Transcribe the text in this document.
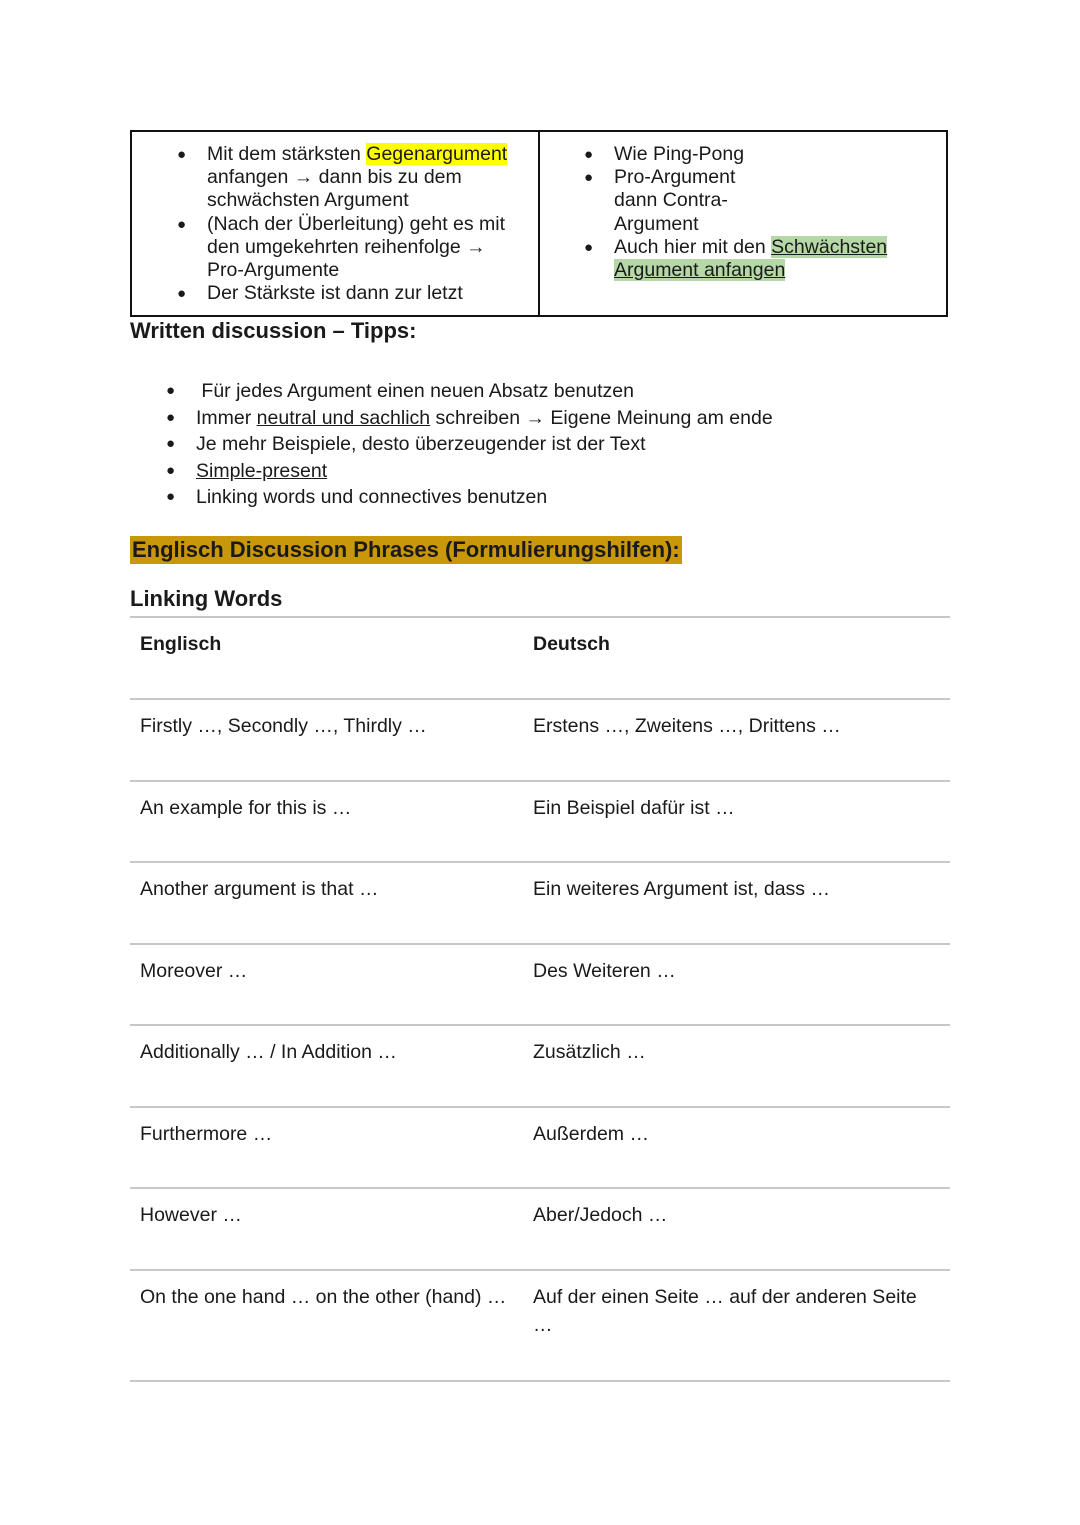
● Mit dem stärksten Gegenargument anfangen → dann bis zu dem schwächsten Argument
● (Nach der Überleitung) geht es mit den umgekehrten reihenfolge → Pro-Argumente
● Der Stärkste ist dann zur letzt
● Wie Ping-Pong
● Pro-Argument dann Contra-Argument
● Auch hier mit den Schwächsten Argument anfangen
Written discussion – Tipps:
● Für jedes Argument einen neuen Absatz benutzen
● Immer neutral und sachlich schreiben → Eigene Meinung am ende
● Je mehr Beispiele, desto überzeugender ist der Text
● Simple-present
● Linking words und connectives benutzen
Englisch Discussion Phrases (Formulierungshilfen):
Linking Words
Englisch	Deutsch
Firstly …, Secondly …, Thirdly …	Erstens …, Zweitens …, Drittens …
An example for this is …	Ein Beispiel dafür ist …
Another argument is that …	Ein weiteres Argument ist, dass …
Moreover …	Des Weiteren …
Additionally … / In Addition …	Zusätzlich …
Furthermore …	Außerdem …
However …	Aber/Jedoch …
On the one hand … on the other (hand) …	Auf der einen Seite … auf der anderen Seite …
